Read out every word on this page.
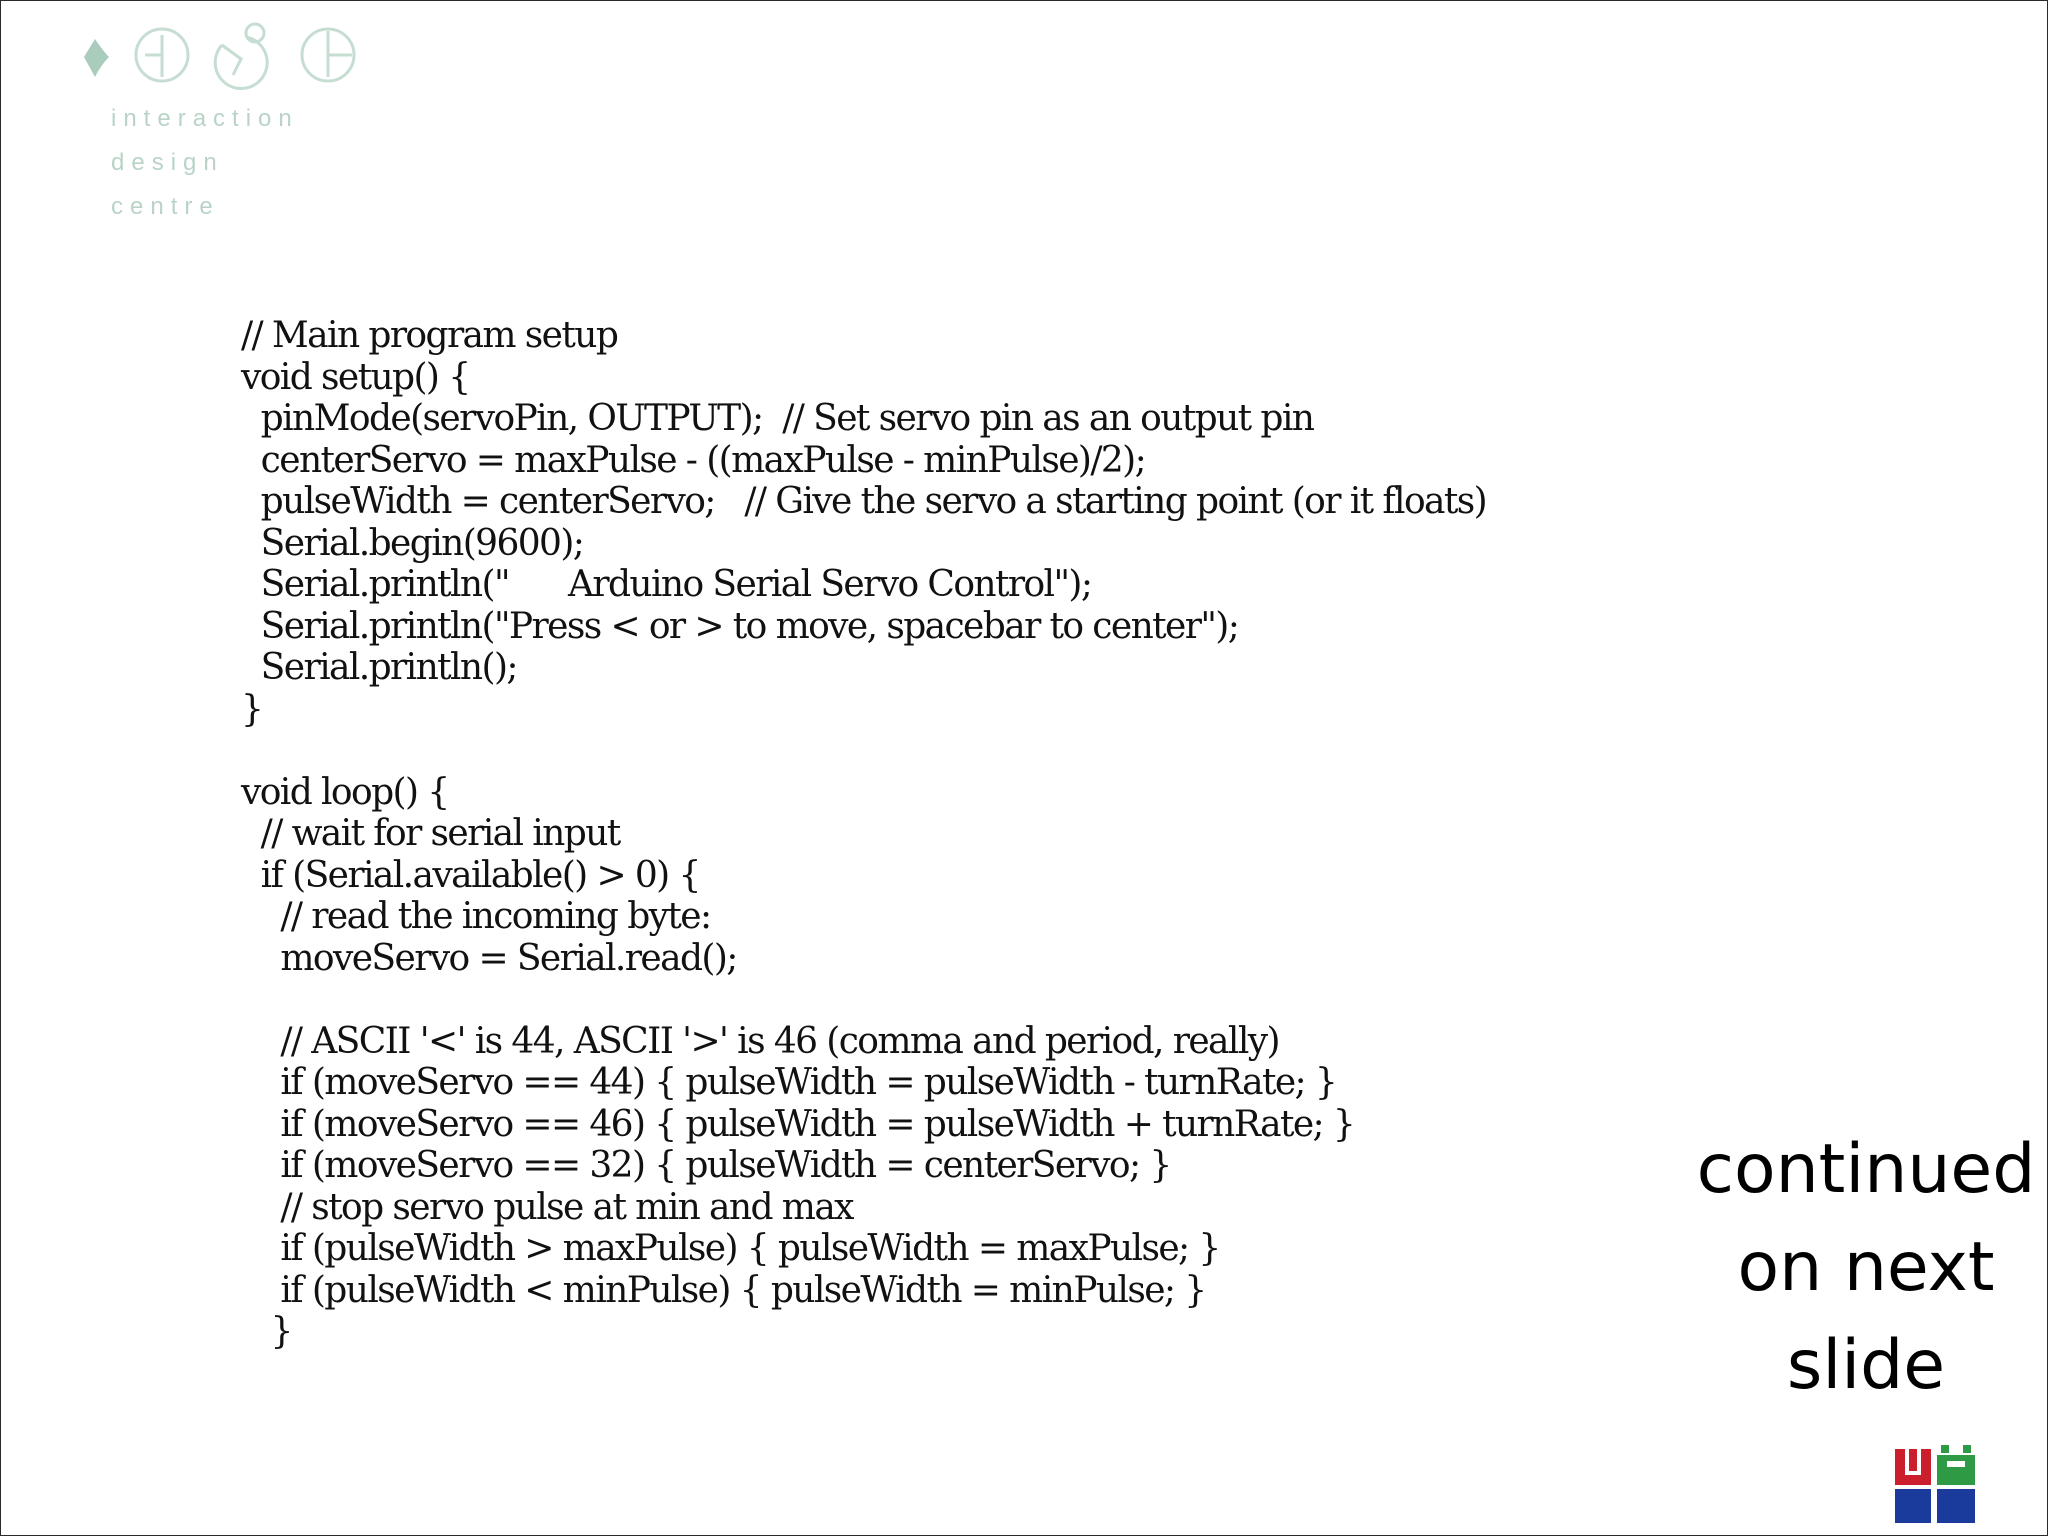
interaction
design
centre
// Main program setup
void setup() {
pinMode(servoPin, OUTPUT);  // Set servo pin as an output pin
centerServo = maxPulse - ((maxPulse - minPulse)/2);
pulseWidth = centerServo;   // Give the servo a starting point (or it floats)
Serial.begin(9600);
Serial.println("      Arduino Serial Servo Control");
Serial.println("Press < or > to move, spacebar to center");
Serial.println();
}
void loop() {
// wait for serial input
if (Serial.available() > 0) {
// read the incoming byte:
moveServo = Serial.read();
// ASCII '<' is 44, ASCII '>' is 46 (comma and period, really)
if (moveServo == 44) { pulseWidth = pulseWidth - turnRate; }
if (moveServo == 46) { pulseWidth = pulseWidth + turnRate; }
if (moveServo == 32) { pulseWidth = centerServo; }
// stop servo pulse at min and max
if (pulseWidth > maxPulse) { pulseWidth = maxPulse; }
if (pulseWidth < minPulse) { pulseWidth = minPulse; }
}
continued
on next
slide
